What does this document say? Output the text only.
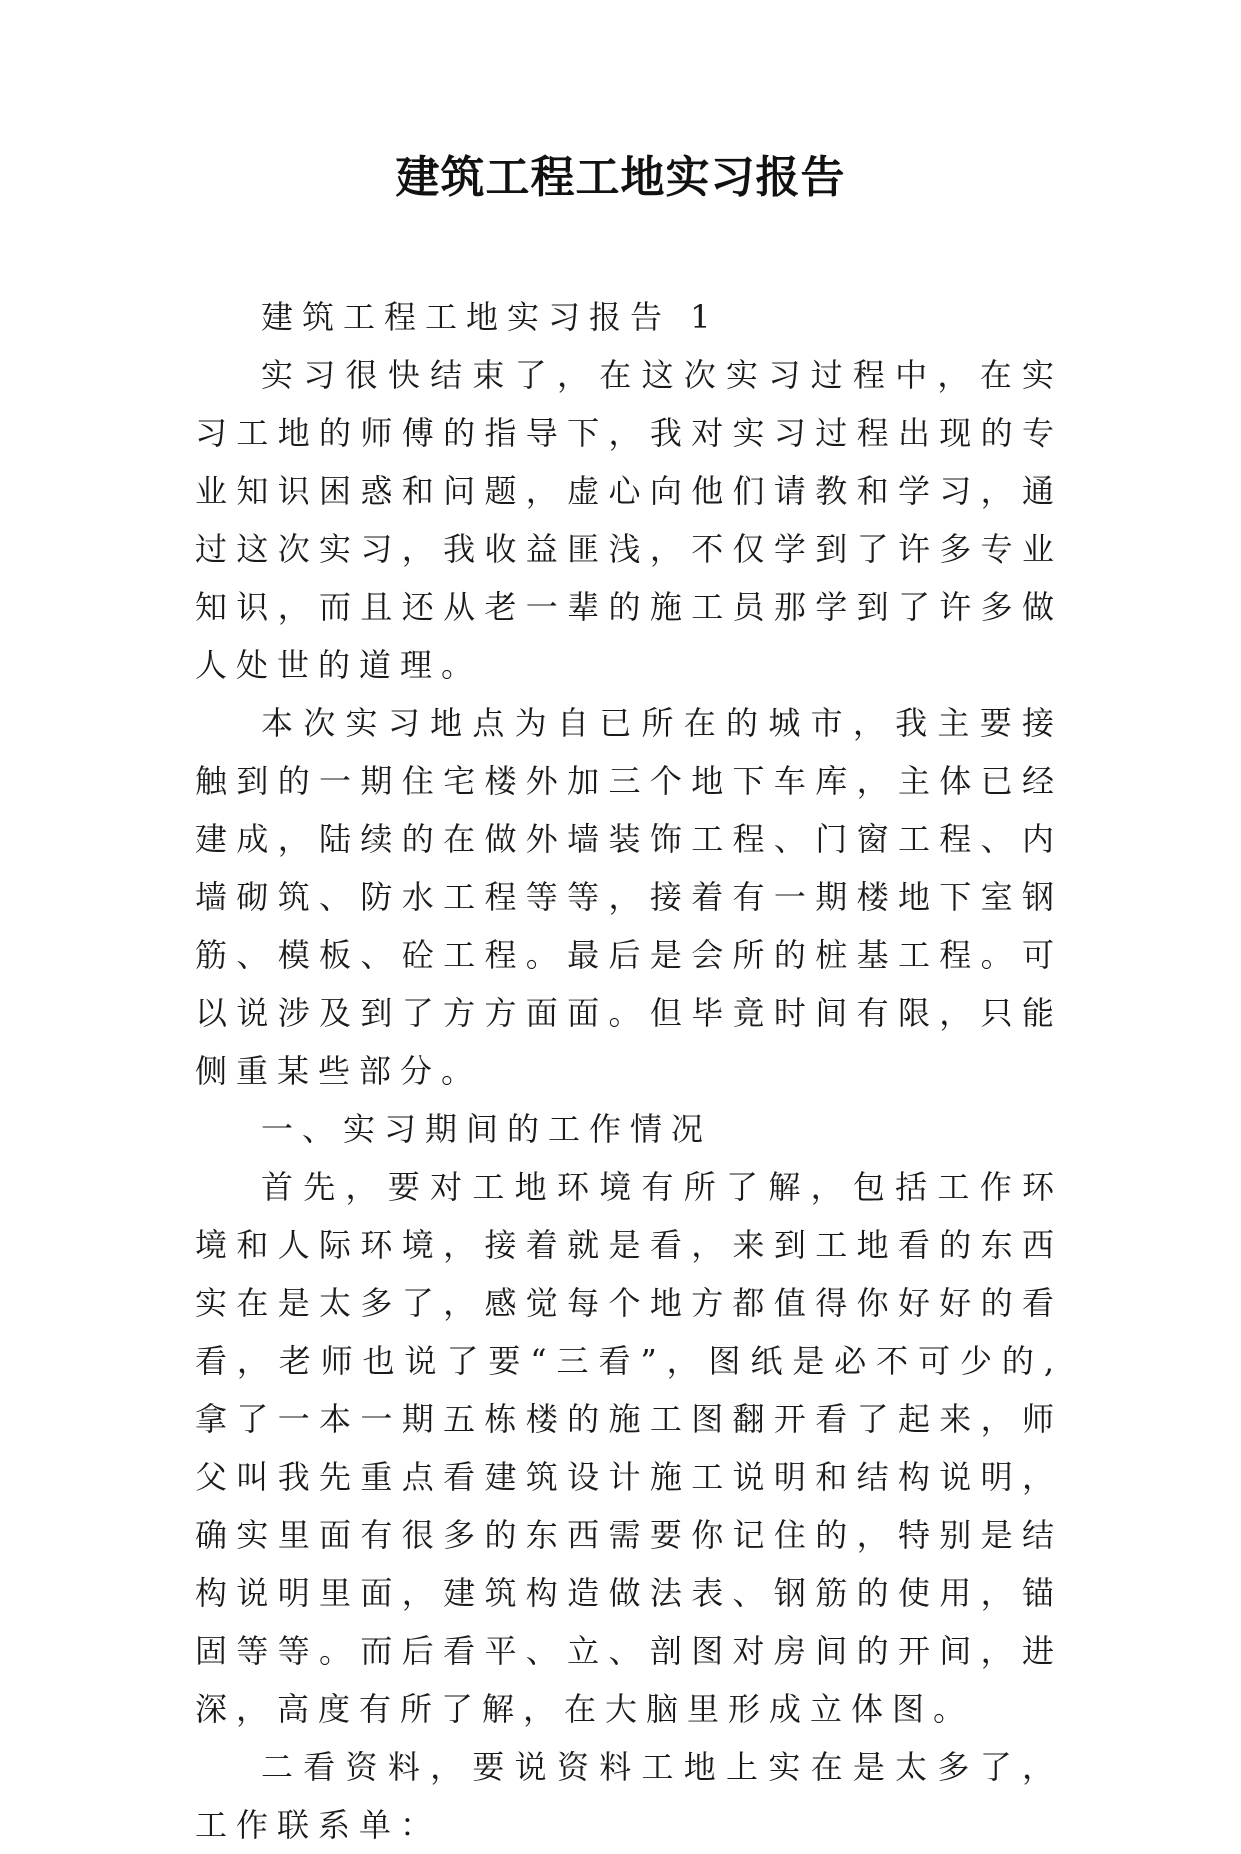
建筑工程工地实习报告

建筑工程工地实习报告 1

实习很快结束了，在这次实习过程中，在实习工地的师傅的指导下，我对实习过程出现的专业知识困惑和问题，虚心向他们请教和学习，通过这次实习，我收益匪浅，不仅学到了许多专业知识，而且还从老一辈的施工员那学到了许多做人处世的道理。

本次实习地点为自已所在的城市，我主要接触到的一期住宅楼外加三个地下车库，主体已经建成，陆续的在做外墙装饰工程、门窗工程、内墙砌筑、防水工程等等，接着有一期楼地下室钢筋、模板、砼工程。最后是会所的桩基工程。可以说涉及到了方方面面。但毕竟时间有限，只能侧重某些部分。

一、实习期间的工作情况

首先，要对工地环境有所了解，包括工作环境和人际环境，接着就是看，来到工地看的东西实在是太多了，感觉每个地方都值得你好好的看看，老师也说了要“三看”，图纸是必不可少的,拿了一本一期五栋楼的施工图翻开看了起来，师父叫我先重点看建筑设计施工说明和结构说明，确实里面有很多的东西需要你记住的，特别是结构说明里面，建筑构造做法表、钢筋的使用，锚固等等。而后看平、立、剖图对房间的开间，进深，高度有所了解，在大脑里形成立体图。

二看资料，要说资料工地上实在是太多了，工作联系单：
